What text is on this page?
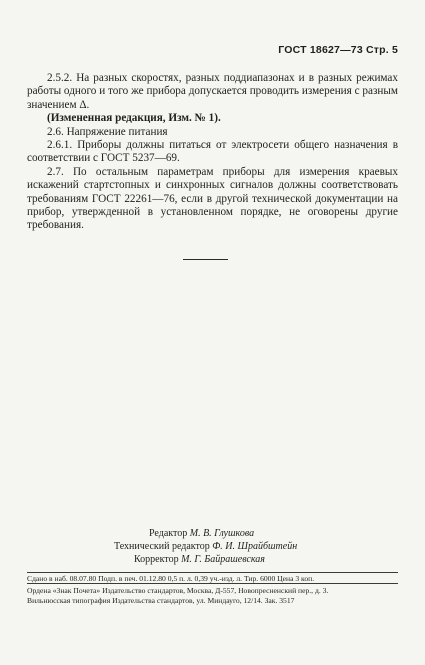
ГОСТ 18627—73 Стр. 5

2.5.2. На разных скоростях, разных поддиапазонах и в разных режимах работы одного и того же прибора допускается проводить измерения с разным значением Δ.

(Измененная редакция, Изм. № 1).

2.6. Напряжение питания

2.6.1. Приборы должны питаться от электросети общего назначения в соответствии с ГОСТ 5237—69.

2.7. По остальным параметрам приборы для измерения краевых искажений стартстопных и синхронных сигналов должны соответствовать требованиям ГОСТ 22261—76, если в другой технической документации на прибор, утвержденной в установленном порядке, не оговорены другие требования.

Редактор М. В. Глушкова
Технический редактор Ф. И. Шрайбштейн
Корректор М. Г. Байрашевская
Сдано в наб. 08.07.80 Подп. в печ. 01.12.80 0,5 п. л. 0,39 уч.-изд. л. Тир. 6000 Цена 3 коп.
Ордена «Знак Почета» Издательство стандартов, Москва, Д-557, Новопресненский пер., д. 3.
Вильнюсская типография Издательства стандартов, ул. Миндауго, 12/14. Зак. 3517
